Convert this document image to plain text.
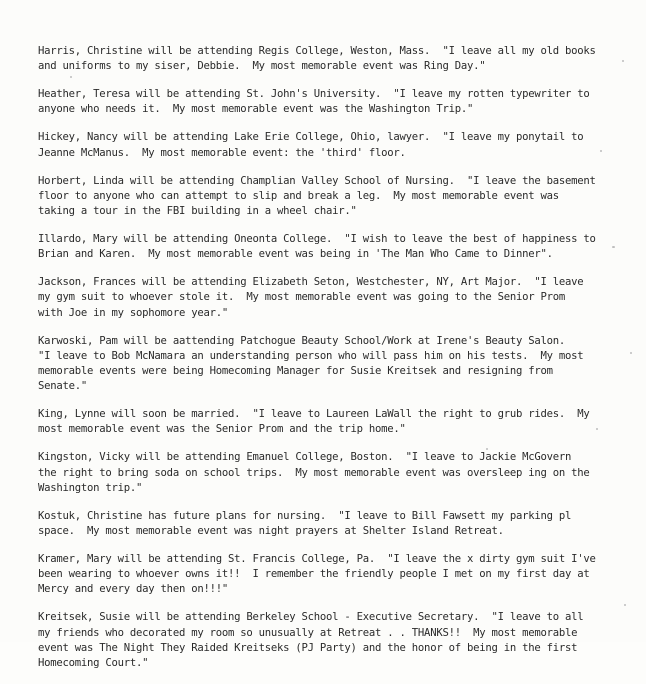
Harris, Christine will be attending Regis College, Weston, Mass.  "I leave all my old books
and uniforms to my siser, Debbie.  My most memorable event was Ring Day."
Heather, Teresa will be attending St. John's University.  "I leave my rotten typewriter to
anyone who needs it.  My most memorable event was the Washington Trip."
Hickey, Nancy will be attending Lake Erie College, Ohio, lawyer.  "I leave my ponytail to
Jeanne McManus.  My most memorable event: the 'third' floor.
Horbert, Linda will be attending Champlian Valley School of Nursing.  "I leave the basement
floor to anyone who can attempt to slip and break a leg.  My most memorable event was
taking a tour in the FBI building in a wheel chair."
Illardo, Mary will be attending Oneonta College.  "I wish to leave the best of happiness to
Brian and Karen.  My most memorable event was being in 'The Man Who Came to Dinner".
Jackson, Frances will be attending Elizabeth Seton, Westchester, NY, Art Major.  "I leave
my gym suit to whoever stole it.  My most memorable event was going to the Senior Prom
with Joe in my sophomore year."
Karwoski, Pam will be aattending Patchogue Beauty School/Work at Irene's Beauty Salon.
"I leave to Bob McNamara an understanding person who will pass him on his tests.  My most
memorable events were being Homecoming Manager for Susie Kreitsek and resigning from
Senate."
King, Lynne will soon be married.  "I leave to Laureen LaWall the right to grub rides.  My
most memorable event was the Senior Prom and the trip home."
Kingston, Vicky will be attending Emanuel College, Boston.  "I leave to Jackie McGovern
the right to bring soda on school trips.  My most memorable event was oversleep ing on the
Washington trip."
Kostuk, Christine has future plans for nursing.  "I leave to Bill Fawsett my parking pl
space.  My most memorable event was night prayers at Shelter Island Retreat.
Kramer, Mary will be attending St. Francis College, Pa.  "I leave the x dirty gym suit I've
been wearing to whoever owns it!!  I remember the friendly people I met on my first day at
Mercy and every day then on!!!"
Kreitsek, Susie will be attending Berkeley School - Executive Secretary.  "I leave to all
my friends who decorated my room so unusually at Retreat . . THANKS!!  My most memorable
event was The Night They Raided Kreitseks (PJ Party) and the honor of being in the first
Homecoming Court."
